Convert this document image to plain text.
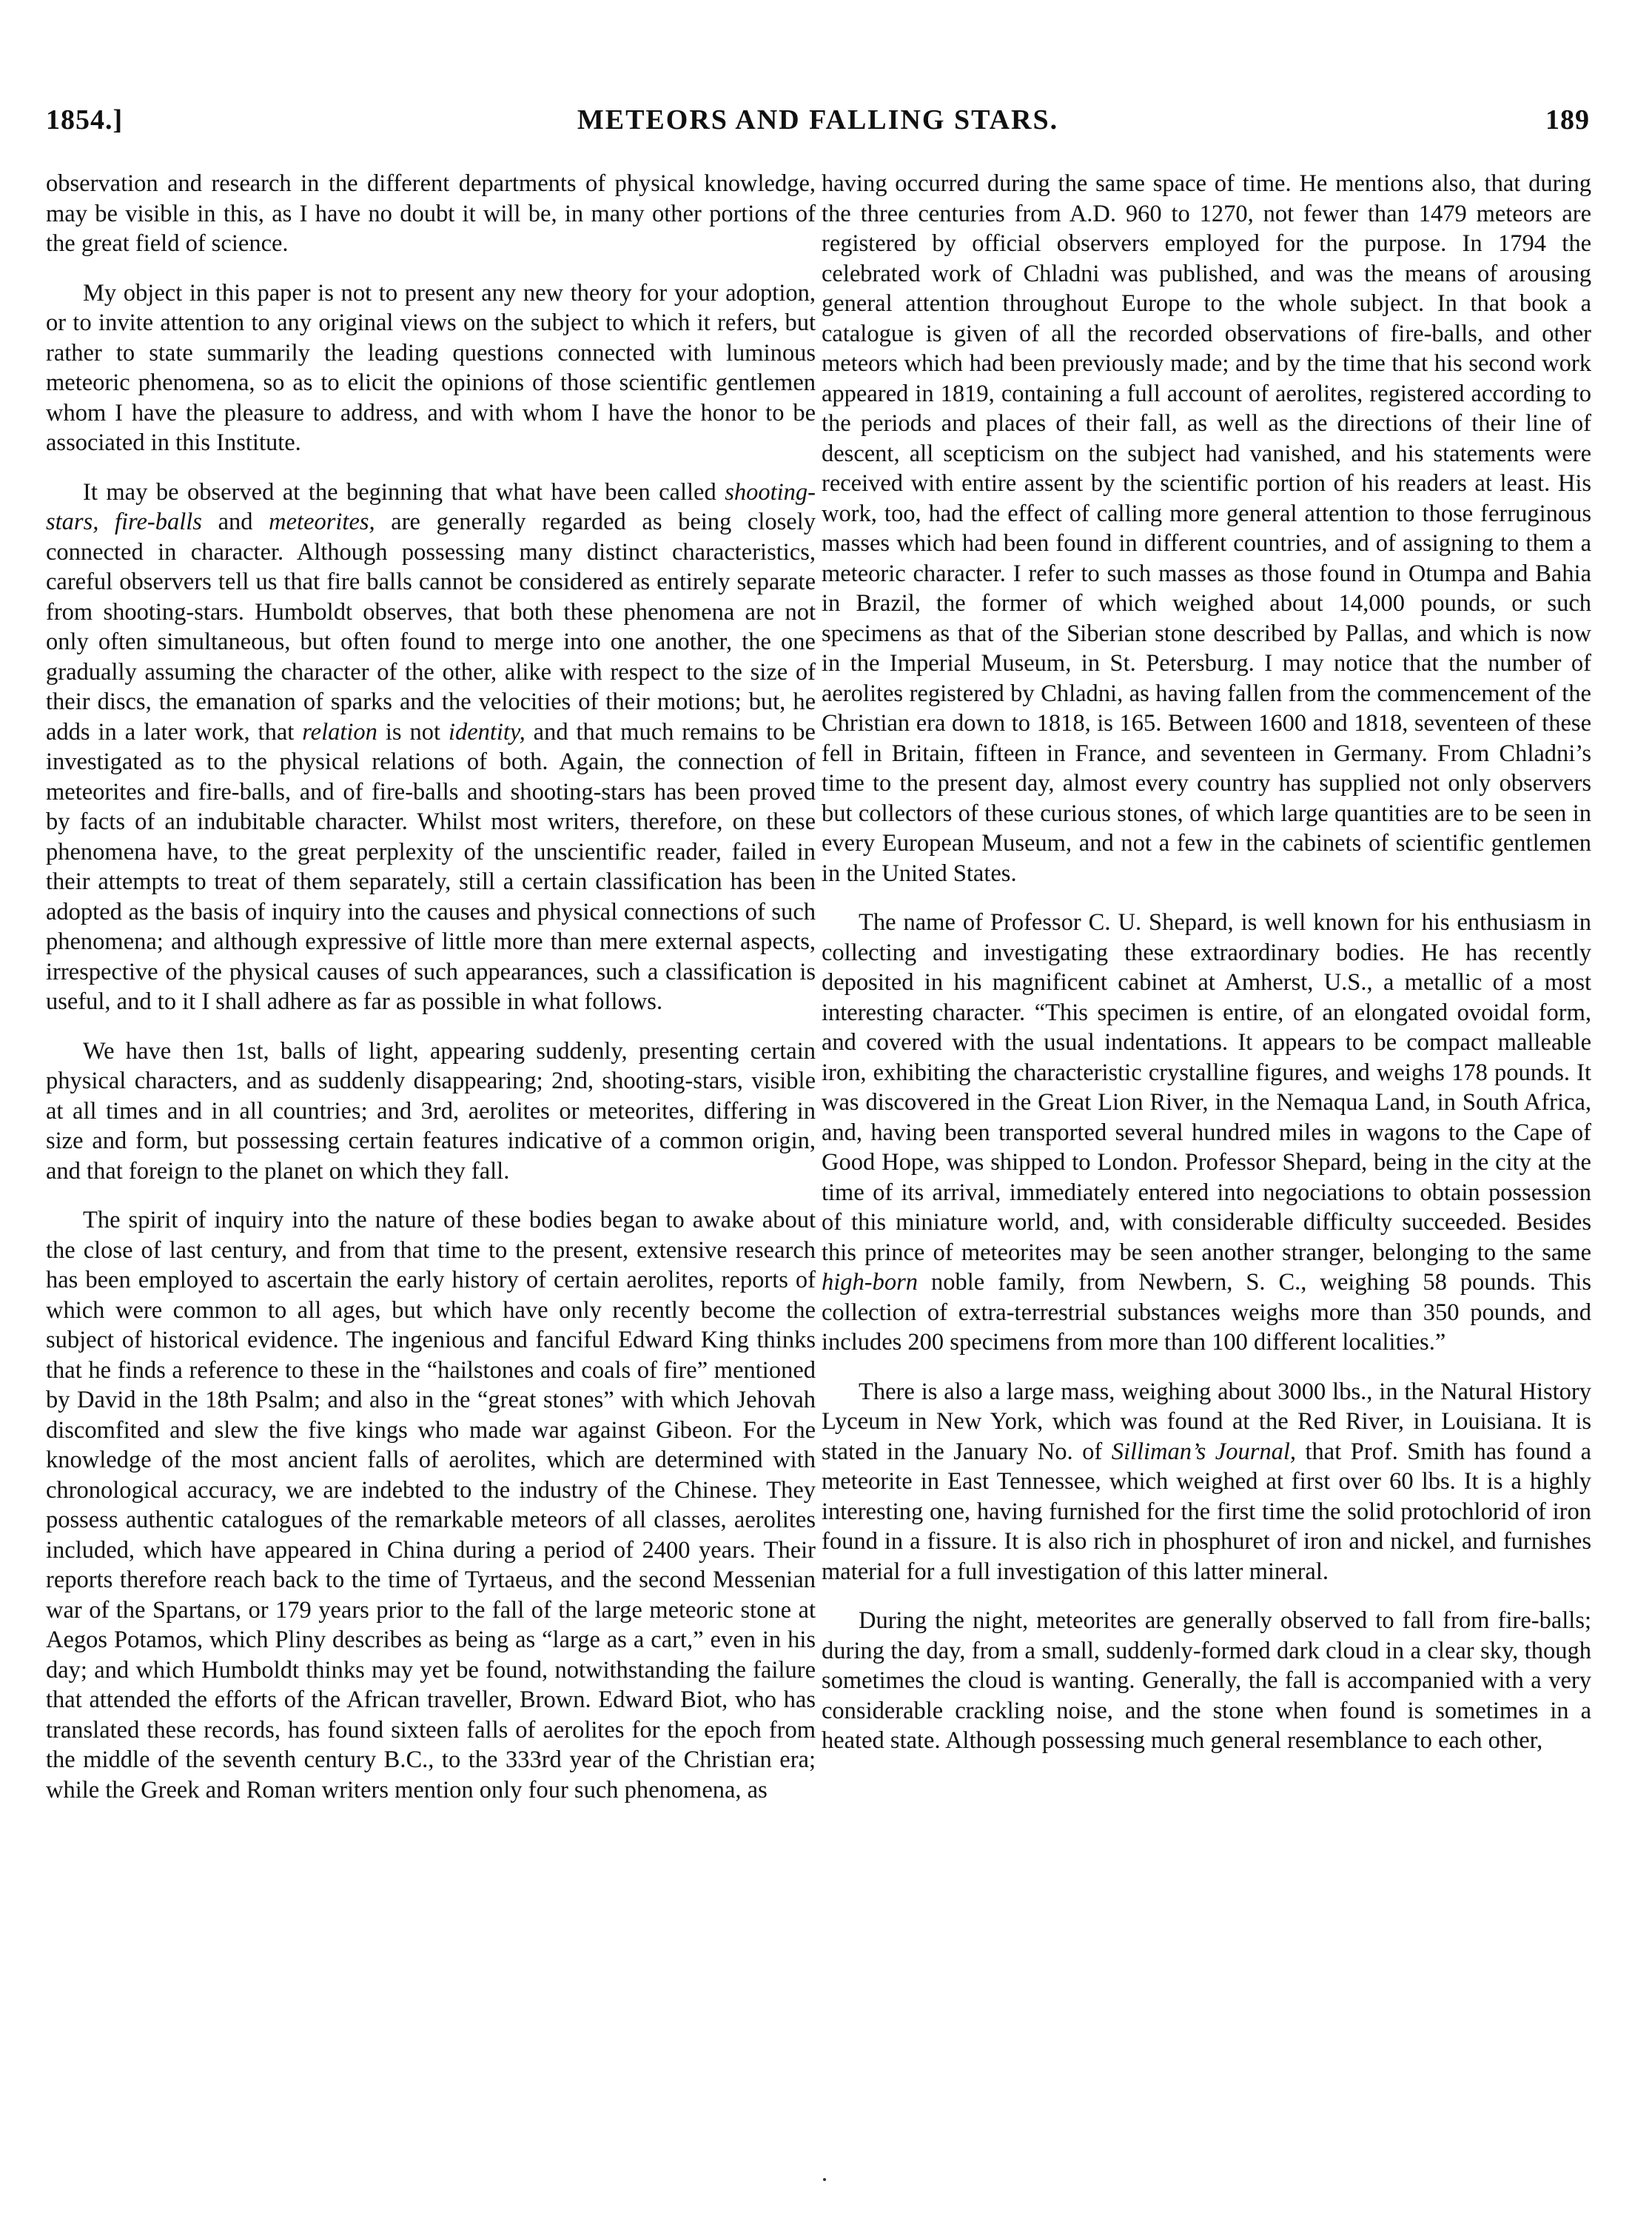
1854.]	METEORS AND FALLING STARS.	189

observation and research in the different departments of physical knowledge, may be visible in this, as I have no doubt it will be, in many other portions of the great field of science.

My object in this paper is not to present any new theory for your adoption, or to invite attention to any original views on the subject to which it refers, but rather to state summarily the leading questions connected with luminous meteoric phenomena, so as to elicit the opinions of those scientific gentlemen whom I have the pleasure to address, and with whom I have the honor to be associated in this Institute.

It may be observed at the beginning that what have been called shooting-stars, fire-balls and meteorites, are generally regarded as being closely connected in character. Although possessing many distinct characteristics, careful observers tell us that fire balls cannot be considered as entirely separate from shooting-stars. Humboldt observes, that both these phenomena are not only often simultaneous, but often found to merge into one another, the one gradually assuming the character of the other, alike with respect to the size of their discs, the emanation of sparks and the velocities of their motions; but, he adds in a later work, that relation is not identity, and that much remains to be investigated as to the physical relations of both. Again, the connection of meteorites and fire-balls, and of fire-balls and shooting-stars has been proved by facts of an indubitable character. Whilst most writers, therefore, on these phenomena have, to the great perplexity of the unscientific reader, failed in their attempts to treat of them separately, still a certain classification has been adopted as the basis of inquiry into the causes and physical connections of such phenomena; and although expressive of little more than mere external aspects, irrespective of the physical causes of such appearances, such a classification is useful, and to it I shall adhere as far as possible in what follows.

We have then 1st, balls of light, appearing suddenly, presenting certain physical characters, and as suddenly disappearing; 2nd, shooting-stars, visible at all times and in all countries; and 3rd, aerolites or meteorites, differing in size and form, but possessing certain features indicative of a common origin, and that foreign to the planet on which they fall.

The spirit of inquiry into the nature of these bodies began to awake about the close of last century, and from that time to the present, extensive research has been employed to ascertain the early history of certain aerolites, reports of which were common to all ages, but which have only recently become the subject of historical evidence. The ingenious and fanciful Edward King thinks that he finds a reference to these in the “hailstones and coals of fire” mentioned by David in the 18th Psalm; and also in the “great stones” with which Jehovah discomfited and slew the five kings who made war against Gibeon. For the knowledge of the most ancient falls of aerolites, which are determined with chronological accuracy, we are indebted to the industry of the Chinese. They possess authentic catalogues of the remarkable meteors of all classes, aerolites included, which have appeared in China during a period of 2400 years. Their reports therefore reach back to the time of Tyrtaeus, and the second Messenian war of the Spartans, or 179 years prior to the fall of the large meteoric stone at Aegos Potamos, which Pliny describes as being as “large as a cart,” even in his day; and which Humboldt thinks may yet be found, notwithstanding the failure that attended the efforts of the African traveller, Brown. Edward Biot, who has translated these records, has found sixteen falls of aerolites for the epoch from the middle of the seventh century B.C., to the 333rd year of the Christian era; while the Greek and Roman writers mention only four such phenomena, as

having occurred during the same space of time. He mentions also, that during the three centuries from A.D. 960 to 1270, not fewer than 1479 meteors are registered by official observers employed for the purpose. In 1794 the celebrated work of Chladni was published, and was the means of arousing general attention throughout Europe to the whole subject. In that book a catalogue is given of all the recorded observations of fire-balls, and other meteors which had been previously made; and by the time that his second work appeared in 1819, containing a full account of aerolites, registered according to the periods and places of their fall, as well as the directions of their line of descent, all scepticism on the subject had vanished, and his statements were received with entire assent by the scientific portion of his readers at least. His work, too, had the effect of calling more general attention to those ferruginous masses which had been found in different countries, and of assigning to them a meteoric character. I refer to such masses as those found in Otumpa and Bahia in Brazil, the former of which weighed about 14,000 pounds, or such specimens as that of the Siberian stone described by Pallas, and which is now in the Imperial Museum, in St. Petersburg. I may notice that the number of aerolites registered by Chladni, as having fallen from the commencement of the Christian era down to 1818, is 165. Between 1600 and 1818, seventeen of these fell in Britain, fifteen in France, and seventeen in Germany. From Chladni’s time to the present day, almost every country has supplied not only observers but collectors of these curious stones, of which large quantities are to be seen in every European Museum, and not a few in the cabinets of scientific gentlemen in the United States.

The name of Professor C. U. Shepard, is well known for his enthusiasm in collecting and investigating these extraordinary bodies. He has recently deposited in his magnificent cabinet at Amherst, U.S., a metallic of a most interesting character. “This specimen is entire, of an elongated ovoidal form, and covered with the usual indentations. It appears to be compact malleable iron, exhibiting the characteristic crystalline figures, and weighs 178 pounds. It was discovered in the Great Lion River, in the Nemaqua Land, in South Africa, and, having been transported several hundred miles in wagons to the Cape of Good Hope, was shipped to London. Professor Shepard, being in the city at the time of its arrival, immediately entered into negociations to obtain possession of this miniature world, and, with considerable difficulty succeeded. Besides this prince of meteorites may be seen another stranger, belonging to the same high-born noble family, from Newbern, S. C., weighing 58 pounds. This collection of extra-terrestrial substances weighs more than 350 pounds, and includes 200 specimens from more than 100 different localities.”

There is also a large mass, weighing about 3000 lbs., in the Natural History Lyceum in New York, which was found at the Red River, in Louisiana. It is stated in the January No. of Silliman’s Journal, that Prof. Smith has found a meteorite in East Tennessee, which weighed at first over 60 lbs. It is a highly interesting one, having furnished for the first time the solid protochlorid of iron found in a fissure. It is also rich in phosphuret of iron and nickel, and furnishes material for a full investigation of this latter mineral.

During the night, meteorites are generally observed to fall from fire-balls; during the day, from a small, suddenly-formed dark cloud in a clear sky, though sometimes the cloud is wanting. Generally, the fall is accompanied with a very considerable crackling noise, and the stone when found is sometimes in a heated state. Although possessing much general resemblance to each other,
